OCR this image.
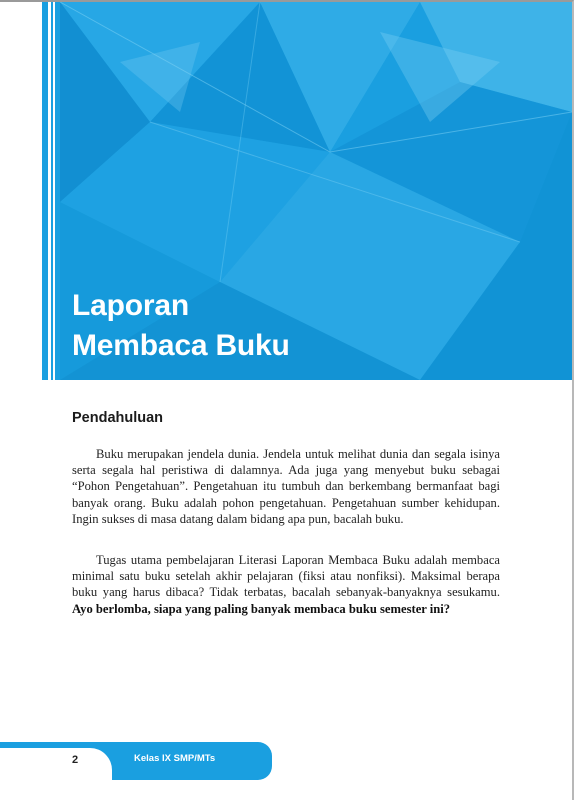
Laporan
Membaca Buku
Pendahuluan

Buku merupakan jendela dunia. Jendela untuk melihat dunia dan segala isinya serta segala hal peristiwa di dalamnya. Ada juga yang menyebut buku sebagai “Pohon Pengetahuan”. Pengetahuan itu tumbuh dan berkembang bermanfaat bagi banyak orang. Buku adalah pohon pengetahuan. Pengetahuan sumber kehidupan. Ingin sukses di masa datang dalam bidang apa pun, bacalah buku.

Tugas utama pembelajaran Literasi Laporan Membaca Buku adalah membaca minimal satu buku setelah akhir pelajaran (fiksi atau nonfiksi). Maksimal berapa buku yang harus dibaca? Tidak terbatas, bacalah sebanyak-banyaknya sesukamu. Ayo berlomba, siapa yang paling banyak membaca buku semester ini?

2	Kelas IX SMP/MTs
